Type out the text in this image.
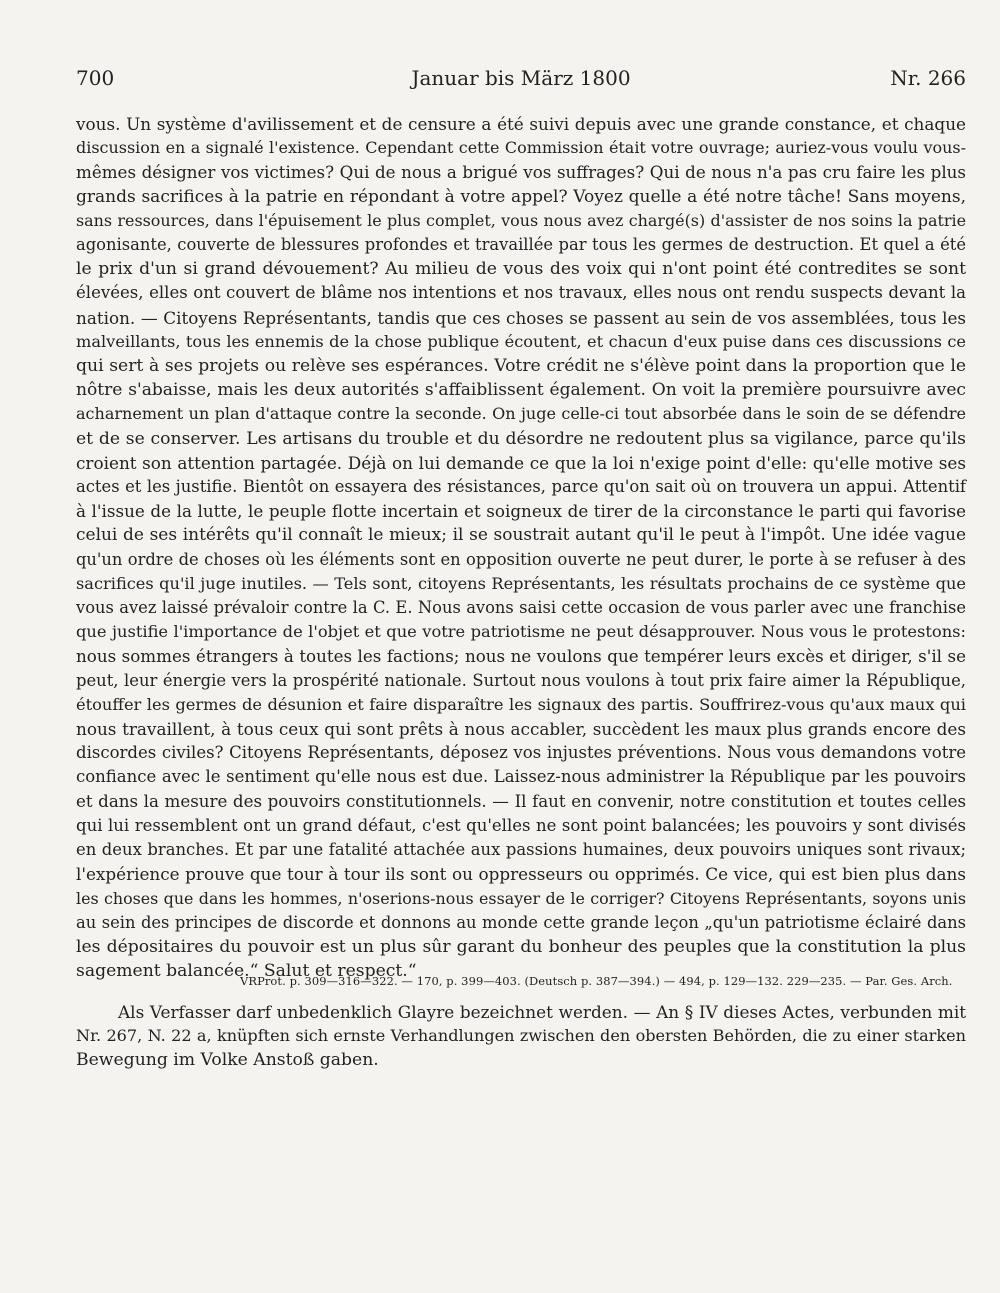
700	Januar bis März 1800	Nr. 266
vous. Un système d'avilissement et de censure a été suivi depuis avec une grande constance, et chaque
discussion en a signalé l'existence. Cependant cette Commission était votre ouvrage; auriez-vous voulu vous-
mêmes désigner vos victimes? Qui de nous a brigué vos suffrages? Qui de nous n'a pas cru faire les plus
grands sacrifices à la patrie en répondant à votre appel? Voyez quelle a été notre tâche! Sans moyens,
sans ressources, dans l'épuisement le plus complet, vous nous avez chargé(s) d'assister de nos soins la patrie
agonisante, couverte de blessures profondes et travaillée par tous les germes de destruction. Et quel a été
le prix d'un si grand dévouement? Au milieu de vous des voix qui n'ont point été contredites se sont
élevées, elles ont couvert de blâme nos intentions et nos travaux, elles nous ont rendu suspects devant la
nation. — Citoyens Représentants, tandis que ces choses se passent au sein de vos assemblées, tous les
malveillants, tous les ennemis de la chose publique écoutent, et chacun d'eux puise dans ces discussions ce
qui sert à ses projets ou relève ses espérances. Votre crédit ne s'élève point dans la proportion que le
nôtre s'abaisse, mais les deux autorités s'affaiblissent également. On voit la première poursuivre avec
acharnement un plan d'attaque contre la seconde. On juge celle-ci tout absorbée dans le soin de se défendre
et de se conserver. Les artisans du trouble et du désordre ne redoutent plus sa vigilance, parce qu'ils
croient son attention partagée. Déjà on lui demande ce que la loi n'exige point d'elle: qu'elle motive ses
actes et les justifie. Bientôt on essayera des résistances, parce qu'on sait où on trouvera un appui. Attentif
à l'issue de la lutte, le peuple flotte incertain et soigneux de tirer de la circonstance le parti qui favorise
celui de ses intérêts qu'il connaît le mieux; il se soustrait autant qu'il le peut à l'impôt. Une idée vague
qu'un ordre de choses où les éléments sont en opposition ouverte ne peut durer, le porte à se refuser à des
sacrifices qu'il juge inutiles. — Tels sont, citoyens Représentants, les résultats prochains de ce système que
vous avez laissé prévaloir contre la C. E. Nous avons saisi cette occasion de vous parler avec une franchise
que justifie l'importance de l'objet et que votre patriotisme ne peut désapprouver. Nous vous le protestons:
nous sommes étrangers à toutes les factions; nous ne voulons que tempérer leurs excès et diriger, s'il se
peut, leur énergie vers la prospérité nationale. Surtout nous voulons à tout prix faire aimer la République,
étouffer les germes de désunion et faire disparaître les signaux des partis. Souffrirez-vous qu'aux maux qui
nous travaillent, à tous ceux qui sont prêts à nous accabler, succèdent les maux plus grands encore des
discordes civiles? Citoyens Représentants, déposez vos injustes préventions. Nous vous demandons votre
confiance avec le sentiment qu'elle nous est due. Laissez-nous administrer la République par les pouvoirs
et dans la mesure des pouvoirs constitutionnels. — Il faut en convenir, notre constitution et toutes celles
qui lui ressemblent ont un grand défaut, c'est qu'elles ne sont point balancées; les pouvoirs y sont divisés
en deux branches. Et par une fatalité attachée aux passions humaines, deux pouvoirs uniques sont rivaux;
l'expérience prouve que tour à tour ils sont ou oppresseurs ou opprimés. Ce vice, qui est bien plus dans
les choses que dans les hommes, n'oserions-nous essayer de le corriger? Citoyens Représentants, soyons unis
au sein des principes de discorde et donnons au monde cette grande leçon „qu'un patriotisme éclairé dans
les dépositaires du pouvoir est un plus sûr garant du bonheur des peuples que la constitution la plus
sagement balancée.“ Salut et respect.“
VRProt. p. 309—316—322. — 170, p. 399—403. (Deutsch p. 387—394.) — 494, p. 129—132. 229—235. — Par. Ges. Arch.
Als Verfasser darf unbedenklich Glayre bezeichnet werden. — An § IV dieses Actes, verbunden mit
Nr. 267, N. 22 a, knüpften sich ernste Verhandlungen zwischen den obersten Behörden, die zu einer starken
Bewegung im Volke Anstoß gaben.
